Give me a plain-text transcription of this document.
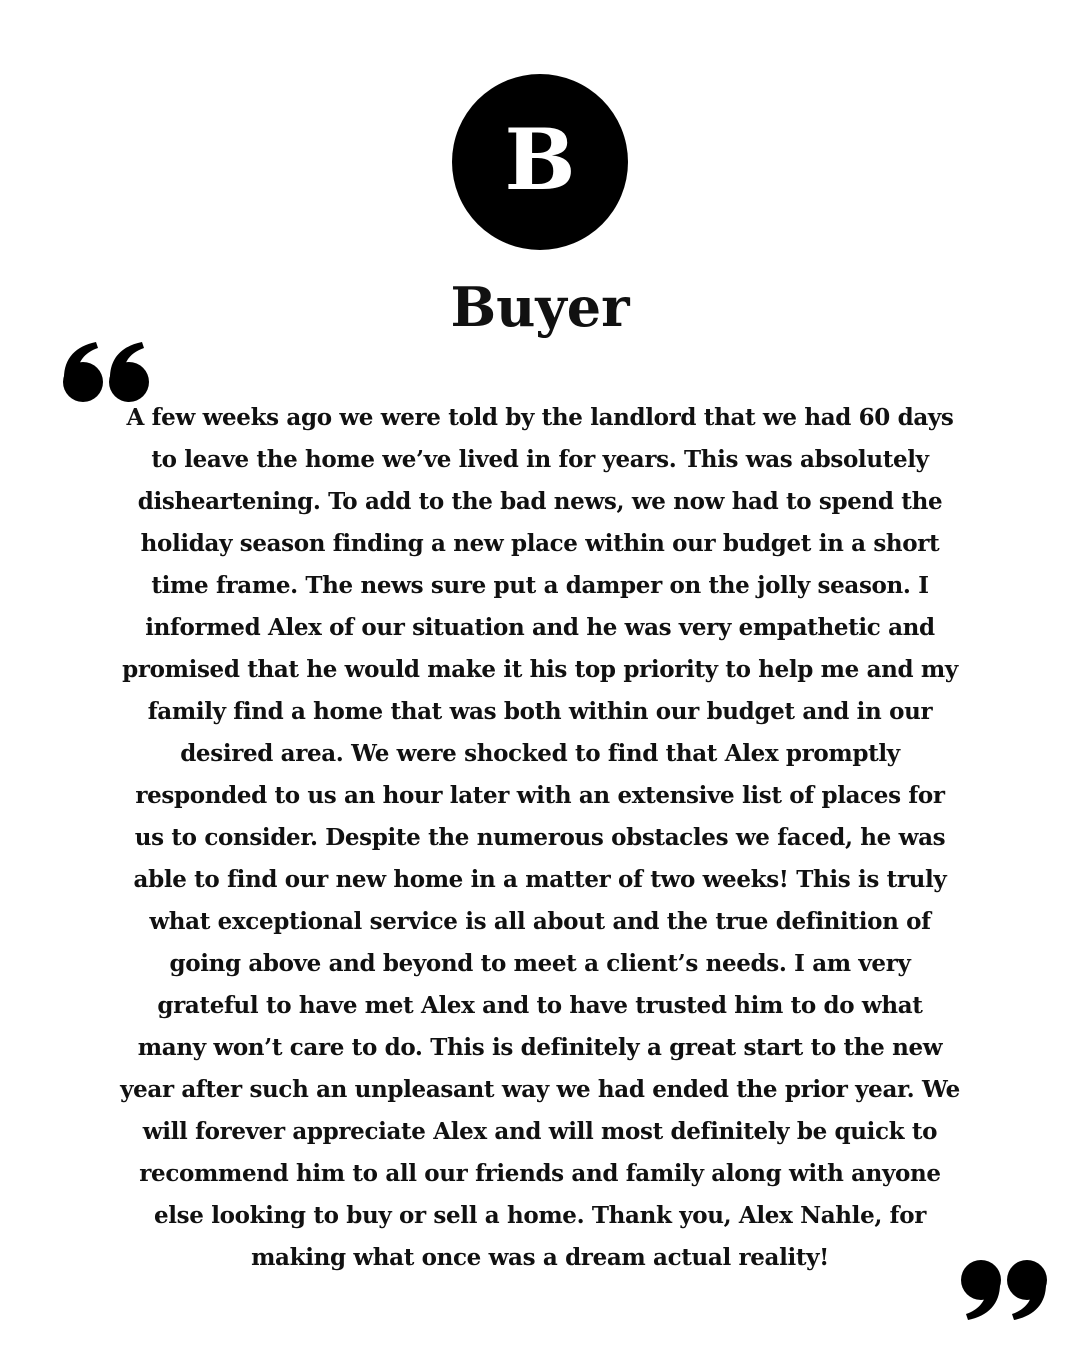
B
Buyer

A few weeks ago we were told by the landlord that we had 60 days to leave the home we’ve lived in for years. This was absolutely disheartening. To add to the bad news, we now had to spend the holiday season finding a new place within our budget in a short time frame. The news sure put a damper on the jolly season. I informed Alex of our situation and he was very empathetic and promised that he would make it his top priority to help me and my family find a home that was both within our budget and in our desired area. We were shocked to find that Alex promptly responded to us an hour later with an extensive list of places for us to consider. Despite the numerous obstacles we faced, he was able to find our new home in a matter of two weeks! This is truly what exceptional service is all about and the true definition of going above and beyond to meet a client’s needs. I am very grateful to have met Alex and to have trusted him to do what many won’t care to do. This is definitely a great start to the new year after such an unpleasant way we had ended the prior year. We will forever appreciate Alex and will most definitely be quick to recommend him to all our friends and family along with anyone else looking to buy or sell a home. Thank you, Alex Nahle, for making what once was a dream actual reality!
